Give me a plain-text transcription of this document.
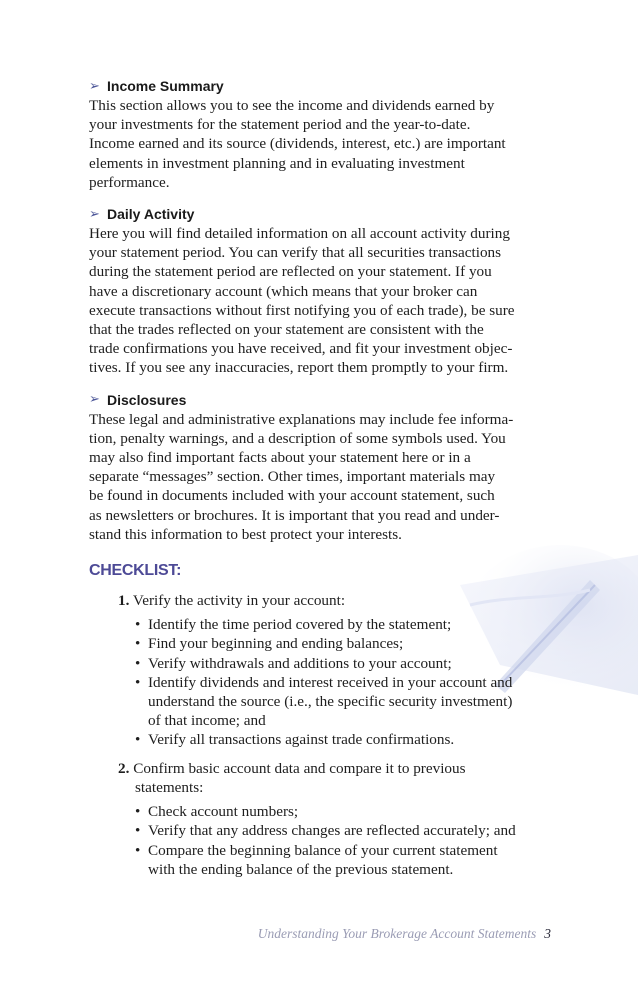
➢ Income Summary
This section allows you to see the income and dividends earned by
your investments for the statement period and the year-to-date.
Income earned and its source (dividends, interest, etc.) are important
elements in investment planning and in evaluating investment
performance.
➢ Daily Activity
Here you will find detailed information on all account activity during
your statement period. You can verify that all securities transactions
during the statement period are reflected on your statement. If you
have a discretionary account (which means that your broker can
execute transactions without first notifying you of each trade), be sure
that the trades reflected on your statement are consistent with the
trade confirmations you have received, and fit your investment objec-
tives. If you see any inaccuracies, report them promptly to your firm.
➢ Disclosures
These legal and administrative explanations may include fee informa-
tion, penalty warnings, and a description of some symbols used. You
may also find important facts about your statement here or in a
separate “messages” section. Other times, important materials may
be found in documents included with your account statement, such
as newsletters or brochures. It is important that you read and under-
stand this information to best protect your interests.
CHECKLIST:
1. Verify the activity in your account:
• Identify the time period covered by the statement;
• Find your beginning and ending balances;
• Verify withdrawals and additions to your account;
• Identify dividends and interest received in your account and
understand the source (i.e., the specific security investment)
of that income; and
• Verify all transactions against trade confirmations.
2. Confirm basic account data and compare it to previous
statements:
• Check account numbers;
• Verify that any address changes are reflected accurately; and
• Compare the beginning balance of your current statement
with the ending balance of the previous statement.
Understanding Your Brokerage Account Statements 3
